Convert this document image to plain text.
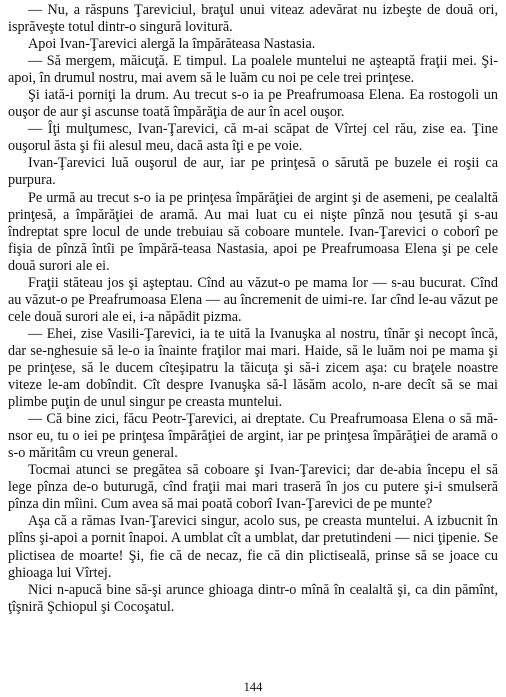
— Nu, a răspuns Ţareviciul, braţul unui viteaz adevărat nu izbeşte de două ori, isprăveşte totul dintr-o singură lovitură.

Apoi Ivan-Ţarevici alergă la împărăteasa Nastasia.

— Să mergem, măicuţă. E timpul. La poalele muntelui ne aşteaptă fraţii mei. Şi-apoi, în drumul nostru, mai avem să le luăm cu noi pe cele trei prinţese.

Şi iată-i porniţi la drum. Au trecut s-o ia pe Preafrumoasa Elena. Ea rostogoli un ouşor de aur şi ascunse toată împărăţia de aur în acel ouşor.

— Îţi mulţumesc, Ivan-Ţarevici, că m-ai scăpat de Vîrtej cel rău, zise ea. Ţine ouşorul ăsta şi fii alesul meu, dacă asta îţi e pe voie.

Ivan-Ţarevici luă ouşorul de aur, iar pe prinţesă o sărută pe buzele ei roşii ca purpura.

Pe urmă au trecut s-o ia pe prinţesa împărăţiei de argint şi de asemeni, pe cealaltă prinţesă, a împărăţiei de aramă. Au mai luat cu ei nişte pînză nou ţesută şi s-au îndreptat spre locul de unde trebuiau să coboare muntele. Ivan-Ţarevici o coborî pe fişia de pînză întîi pe împără-teasa Nastasia, apoi pe Preafrumoasa Elena şi pe cele două surori ale ei.

Fraţii stăteau jos şi aşteptau. Cînd au văzut-o pe mama lor — s-au bucurat. Cînd au văzut-o pe Preafrumoasa Elena — au încremenit de uimi-re. Iar cînd le-au văzut pe cele două surori ale ei, i-a năpădit pizma.

— Ehei, zise Vasili-Ţarevici, ia te uită la Ivanuşka al nostru, tînăr şi necopt încă, dar se-nghesuie să le-o ia înainte fraţilor mai mari. Haide, să le luăm noi pe mama şi pe prinţese, să le ducem cîteşipatru la tăicuţa şi să-i zicem aşa: cu braţele noastre viteze le-am dobîndit. Cît despre Ivanuşka să-l lăsăm acolo, n-are decît să se mai plimbe puţin de unul singur pe creasta muntelui.

— Că bine zici, făcu Peotr-Ţarevici, ai dreptate. Cu Preafrumoasa Elena o să mă-nsor eu, tu o iei pe prinţesa împărăţiei de argint, iar pe prinţesa împărăţiei de aramă o s-o măritâm cu vreun general.

Tocmai atunci se pregătea să coboare şi Ivan-Ţarevici; dar de-abia începu el să lege pînza de-o buturugă, cînd fraţii mai mari traseră în jos cu putere şi-i smulseră pînza din mîini. Cum avea să mai poată coborî Ivan-Ţarevici de pe munte?

Aşa că a rămas Ivan-Ţarevici singur, acolo sus, pe creasta muntelui. A izbucnit în plîns şi-apoi a pornit înapoi. A umblat cît a umblat, dar pretutindeni — nici ţipenie. Se plictisea de moarte! Şi, fie că de necaz, fie că din plictiseală, prinse să se joace cu ghioaga lui Vîrtej.

Nici n-apucă bine să-şi arunce ghioaga dintr-o mînă în cealaltă şi, ca din pămînt, ţîşniră Şchiopul şi Cocoşatul.

144
